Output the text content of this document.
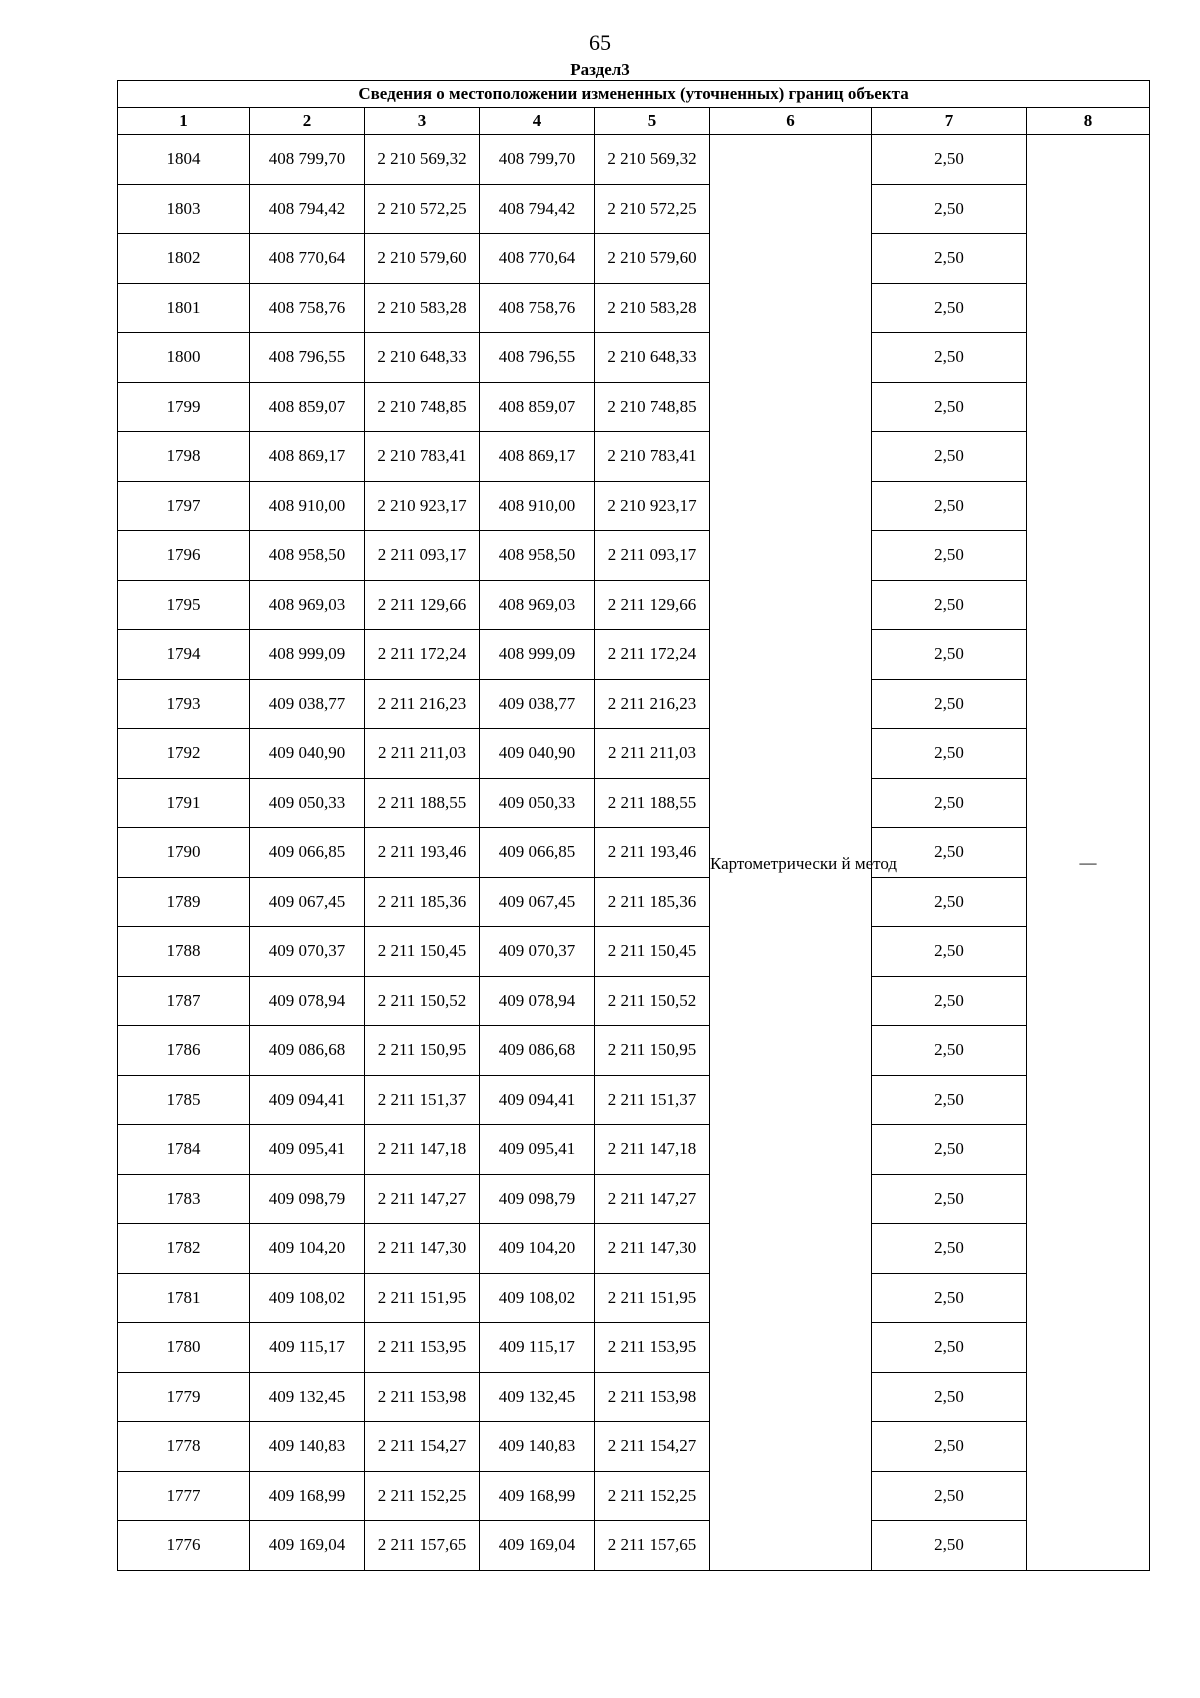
65
Раздел3
Сведения о местоположении измененных (уточненных) границ объекта							
1	2	3	4	5	6	7	8
1804	408 799,70	2 210 569,32	408 799,70	2 210 569,32	Картометрически й метод	2,50	—
1803	408 794,42	2 210 572,25	408 794,42	2 210 572,25		2,50	
1802	408 770,64	2 210 579,60	408 770,64	2 210 579,60		2,50	
1801	408 758,76	2 210 583,28	408 758,76	2 210 583,28		2,50	
1800	408 796,55	2 210 648,33	408 796,55	2 210 648,33		2,50	
1799	408 859,07	2 210 748,85	408 859,07	2 210 748,85		2,50	
1798	408 869,17	2 210 783,41	408 869,17	2 210 783,41		2,50	
1797	408 910,00	2 210 923,17	408 910,00	2 210 923,17		2,50	
1796	408 958,50	2 211 093,17	408 958,50	2 211 093,17		2,50	
1795	408 969,03	2 211 129,66	408 969,03	2 211 129,66		2,50	
1794	408 999,09	2 211 172,24	408 999,09	2 211 172,24		2,50	
1793	409 038,77	2 211 216,23	409 038,77	2 211 216,23		2,50	
1792	409 040,90	2 211 211,03	409 040,90	2 211 211,03		2,50	
1791	409 050,33	2 211 188,55	409 050,33	2 211 188,55		2,50	
1790	409 066,85	2 211 193,46	409 066,85	2 211 193,46		2,50	
1789	409 067,45	2 211 185,36	409 067,45	2 211 185,36		2,50	
1788	409 070,37	2 211 150,45	409 070,37	2 211 150,45		2,50	
1787	409 078,94	2 211 150,52	409 078,94	2 211 150,52		2,50	
1786	409 086,68	2 211 150,95	409 086,68	2 211 150,95		2,50	
1785	409 094,41	2 211 151,37	409 094,41	2 211 151,37		2,50	
1784	409 095,41	2 211 147,18	409 095,41	2 211 147,18		2,50	
1783	409 098,79	2 211 147,27	409 098,79	2 211 147,27		2,50	
1782	409 104,20	2 211 147,30	409 104,20	2 211 147,30		2,50	
1781	409 108,02	2 211 151,95	409 108,02	2 211 151,95		2,50	
1780	409 115,17	2 211 153,95	409 115,17	2 211 153,95		2,50	
1779	409 132,45	2 211 153,98	409 132,45	2 211 153,98		2,50	
1778	409 140,83	2 211 154,27	409 140,83	2 211 154,27		2,50	
1777	409 168,99	2 211 152,25	409 168,99	2 211 152,25		2,50	
1776	409 169,04	2 211 157,65	409 169,04	2 211 157,65		2,50	
